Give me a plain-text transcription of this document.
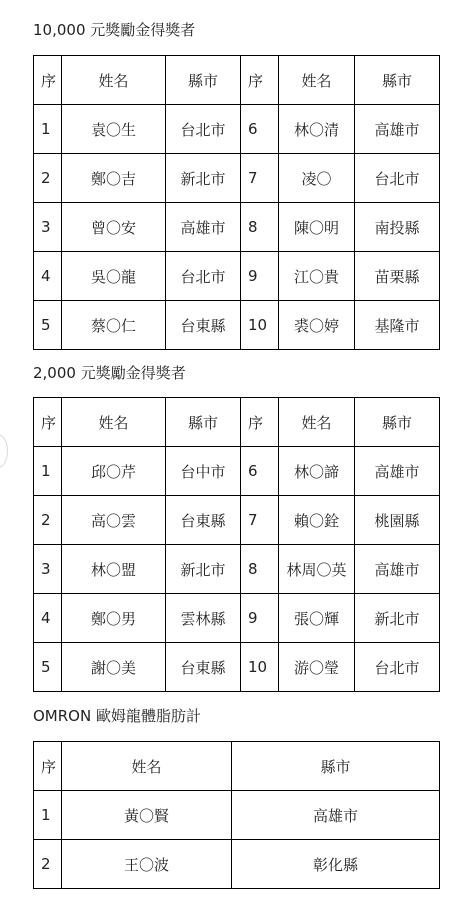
10,000 元獎勵金得獎者
序	姓名	縣市	序	姓名	縣市
1	袁〇生	台北市	6	林〇清	高雄市
2	鄭〇吉	新北市	7	凌〇	台北市
3	曾〇安	高雄市	8	陳〇明	南投縣
4	吳〇龍	台北市	9	江〇貴	苗栗縣
5	蔡〇仁	台東縣	10	裘〇婷	基隆市
2,000 元獎勵金得獎者
序	姓名	縣市	序	姓名	縣市
1	邱〇芹	台中市	6	林〇諦	高雄市
2	高〇雲	台東縣	7	賴〇銓	桃園縣
3	林〇盟	新北市	8	林周〇英	高雄市
4	鄭〇男	雲林縣	9	張〇輝	新北市
5	謝〇美	台東縣	10	游〇瑩	台北市
OMRON 歐姆龍體脂肪計
序	姓名	縣市
1	黃〇賢	高雄市
2	王〇波	彰化縣
